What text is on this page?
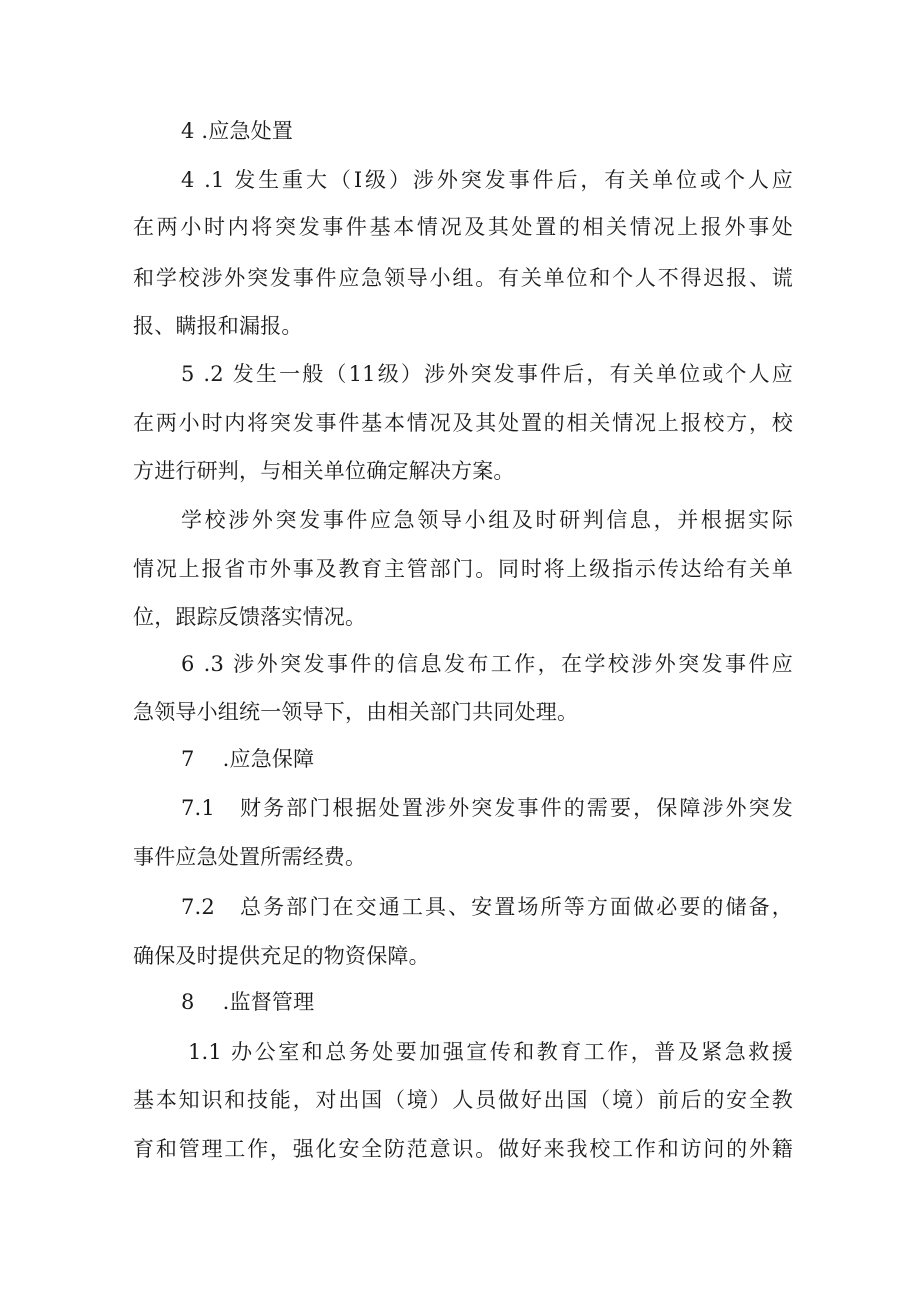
4 .应急处置
4 .1 发生重大（Ⅰ级）涉外突发事件后，有关单位或个人应
在两小时内将突发事件基本情况及其处置的相关情况上报外事处
和学校涉外突发事件应急领导小组。有关单位和个人不得迟报、谎
报、瞒报和漏报。
5 .2 发生一般（11级）涉外突发事件后，有关单位或个人应
在两小时内将突发事件基本情况及其处置的相关情况上报校方，校
方进行研判，与相关单位确定解决方案。
学校涉外突发事件应急领导小组及时研判信息，并根据实际
情况上报省市外事及教育主管部门。同时将上级指示传达给有关单
位，跟踪反馈落实情况。
6 .3 涉外突发事件的信息发布工作，在学校涉外突发事件应
急领导小组统一领导下，由相关部门共同处理。
7　 .应急保障
7.1　财务部门根据处置涉外突发事件的需要，保障涉外突发
事件应急处置所需经费。
7.2　总务部门在交通工具、安置场所等方面做必要的储备，
确保及时提供充足的物资保障。
8　 .监督管理
1.1 办公室和总务处要加强宣传和教育工作，普及紧急救援
基本知识和技能，对出国（境）人员做好出国（境）前后的安全教
育和管理工作，强化安全防范意识。做好来我校工作和访问的外籍
